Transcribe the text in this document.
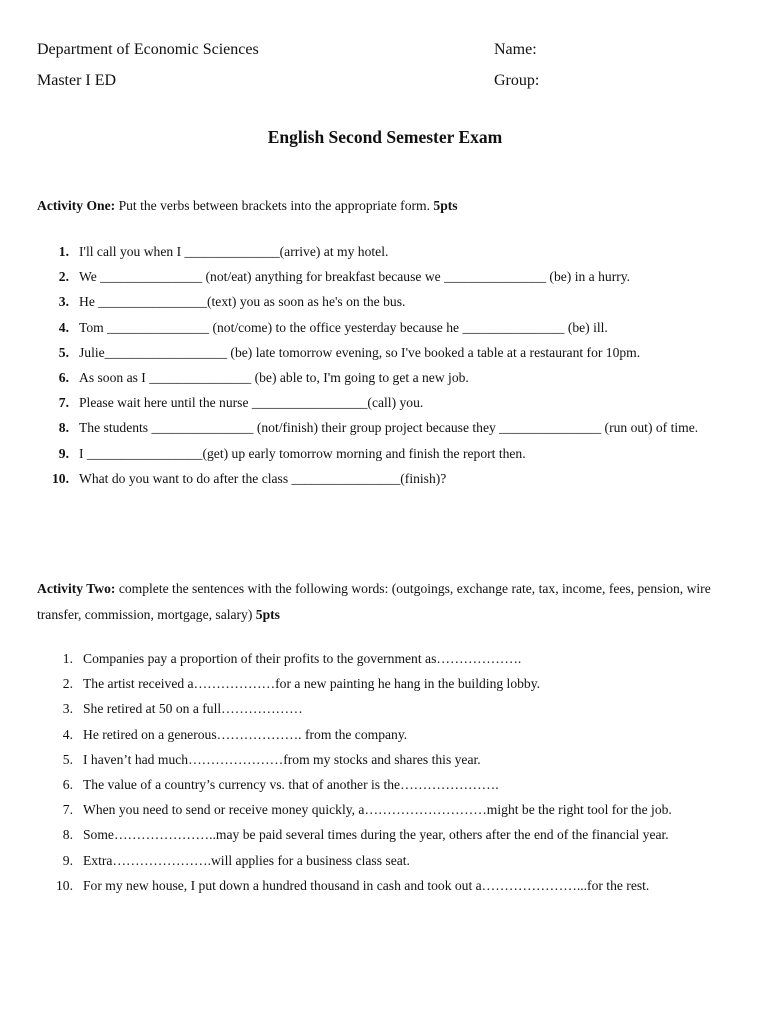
Department of Economic Sciences
Master I ED
Name:
Group:
English Second Semester Exam
Activity One: Put the verbs between brackets into the appropriate form. 5pts
1. I'll call you when I ______________(arrive) at my hotel.
2. We _______________ (not/eat) anything for breakfast because we _______________ (be) in a hurry.
3. He ________________(text) you as soon as he's on the bus.
4. Tom _______________ (not/come) to the office yesterday because he _______________ (be) ill.
5. Julie__________________ (be) late tomorrow evening, so I've booked a table at a restaurant for 10pm.
6. As soon as I _______________ (be) able to, I'm going to get a new job.
7. Please wait here until the nurse _________________(call) you.
8. The students _______________ (not/finish) their group project because they _______________ (run out) of time.
9. I _________________(get) up early tomorrow morning and finish the report then.
10. What do you want to do after the class ________________(finish)?
Activity Two: complete the sentences with the following words: (outgoings, exchange rate, tax, income, fees, pension, wire transfer, commission, mortgage, salary) 5pts
1. Companies pay a proportion of their profits to the government as……………….
2. The artist received a………………for a new painting he hang in the building lobby.
3. She retired at 50 on a full………………
4. He retired on a generous………………. from the company.
5. I haven’t had much…………………from my stocks and shares this year.
6. The value of a country’s currency vs. that of another is the………………….
7. When you need to send or receive money quickly, a………………………might be the right tool for the job.
8. Some…………………..may be paid several times during the year, others after the end of the financial year.
9. Extra………………….will applies for a business class seat.
10. For my new house, I put down a hundred thousand in cash and took out a…………………...for the rest.
